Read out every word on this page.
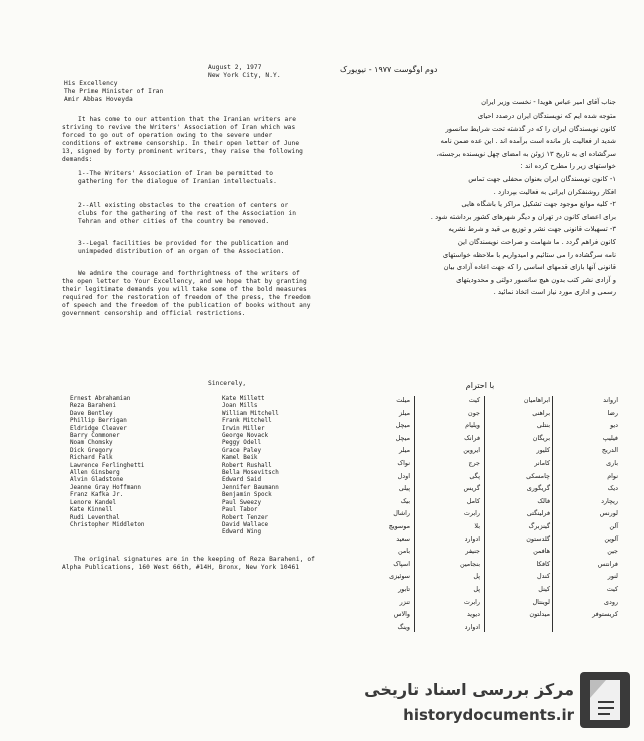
August 2, 1977
New York City, N.Y.
His Excellency
The Prime Minister of Iran
Amir Abbas Hoveyda
It has come to our attention that the Iranian writers are striving to revive the Writers' Association of Iran which was forced to go out of operation owing to the severe under conditions of extreme censorship. In their open letter of June 13, signed by forty prominent writers, they raise the following demands:
1--The Writers' Association of Iran be permitted to gathering for the dialogue of Iranian intellectuals.
2--All existing obstacles to the creation of centers or clubs for the gathering of the rest of the Association in Tehran and other cities of the country be removed.
3--Legal facilities be provided for the publication and unimpeded distribution of an organ of the Association.
We admire the courage and forthrightness of the writers of the open letter to Your Excellency, and we hope that by granting their legitimate demands you will take some of the bold measures required for the restoration of freedom of the press, the freedom of speech and the freedom of the publication of books without any government censorship and official restrictions.
Sincerely,
Ernest Abrahamian
Reza Baraheni
Dave Bentley
Phillip Berrigan
Eldridge Cleaver
Barry Commoner
Noam Chomsky
Dick Gregory
Richard Falk
Lawrence Ferlinghetti
Allen Ginsberg
Alvin Gladstone
Jeanne Gray Hoffmann
Franz Kafka Jr.
Lenore Kandel
Kate Kinnell
Rudi Leventhal
Christopher Middleton
Kate Millett
Joan Mills
William Mitchell
Frank Mitchell
Irwin Miller
George Novack
Peggy Odell
Grace Paley
Kamel Beik
Robert Rushall
Bella Mosevitsch
Edward Said
Jennifer Baumann
Benjamin Spock
Paul Sweezy
Paul Tabor
Robert Tenzer
David Wallace
Edward Wing
The original signatures are in the keeping of Reza Baraheni, of Alpha Publications, 160 West 66th, #14H, Bronx, New York 10461
دوم اوگوست ۱۹۷۷ - نیویورک
جناب آقای امیر عباس هویدا - نخست وزیر ایران
متوجه شده ایم که نویسندگان ایران درصدد احیای
کانون نویسندگان ایران را که در گذشته تحت شرایط سانسور
شدید از فعالیت باز مانده است برآمده اند . این عده ضمن نامه
سرگشاده ای به تاریخ ۱۳ ژوئن به امضای چهل نویسنده برجسته،
خواستهای زیر را مطرح کرده اند :
۱- کانون نویسندگان ایران بعنوان محفلی جهت تماس
افکار روشنفکران ایرانی به فعالیت بپردازد .
۲- کلیه موانع موجود جهت تشکیل مراکز یا باشگاه هایی
برای اعضای کانون در تهران و دیگر شهرهای کشور برداشته شود .
۳- تسهیلات قانونی جهت نشر و توزیع بی قید و شرط نشریه
کانون فراهم گردد . ما شهامت و صراحت نویسندگان این
نامه سرگشاده را می ستائیم و امیدواریم با ملاحظه خواستهای
قانونی آنها بازای قدمهای اساسی را که جهت اعاده آزادی بیان
و آزادی نشر کتب بدون هیچ سانسور دولتی و محدودیتهای
رسمی و اداری مورد نیاز است اتخاذ نمائید .
با احترام
ارواند
رضا
دیو
فیلیپ
الدریج
باری
نوام
دیک
ریچارد
لورنس
آلن
آلوین
جین
فرانتس
لنور
کیت
رودی
کریستوفر
ابراهامیان
براهنی
بنتلی
بریگان
کلیور
کامانر
چامسکی
گریگوری
فالک
فرلینگتی
گینزبرگ
گلدستون
هافمن
کافکا
کندل
کینل
لوینتال
میدلتون
کیت
جون
ویلیام
فرانک
ایروین
جرج
پگی
گریس
کامل
رابرت
بلا
ادوارد
جنیفر
بنجامین
پل
پل
رابرت
دیوید
ادوارد
میلت
میلز
میچل
میچل
میلر
نواک
اودل
پیلی
بیک
راشال
موسویچ
سعید
بامن
اسپاک
سوئیزی
تابور
تنزر
والاس
وینگ
مرکز بررسی اسناد تاریخی
historydocuments.ir
